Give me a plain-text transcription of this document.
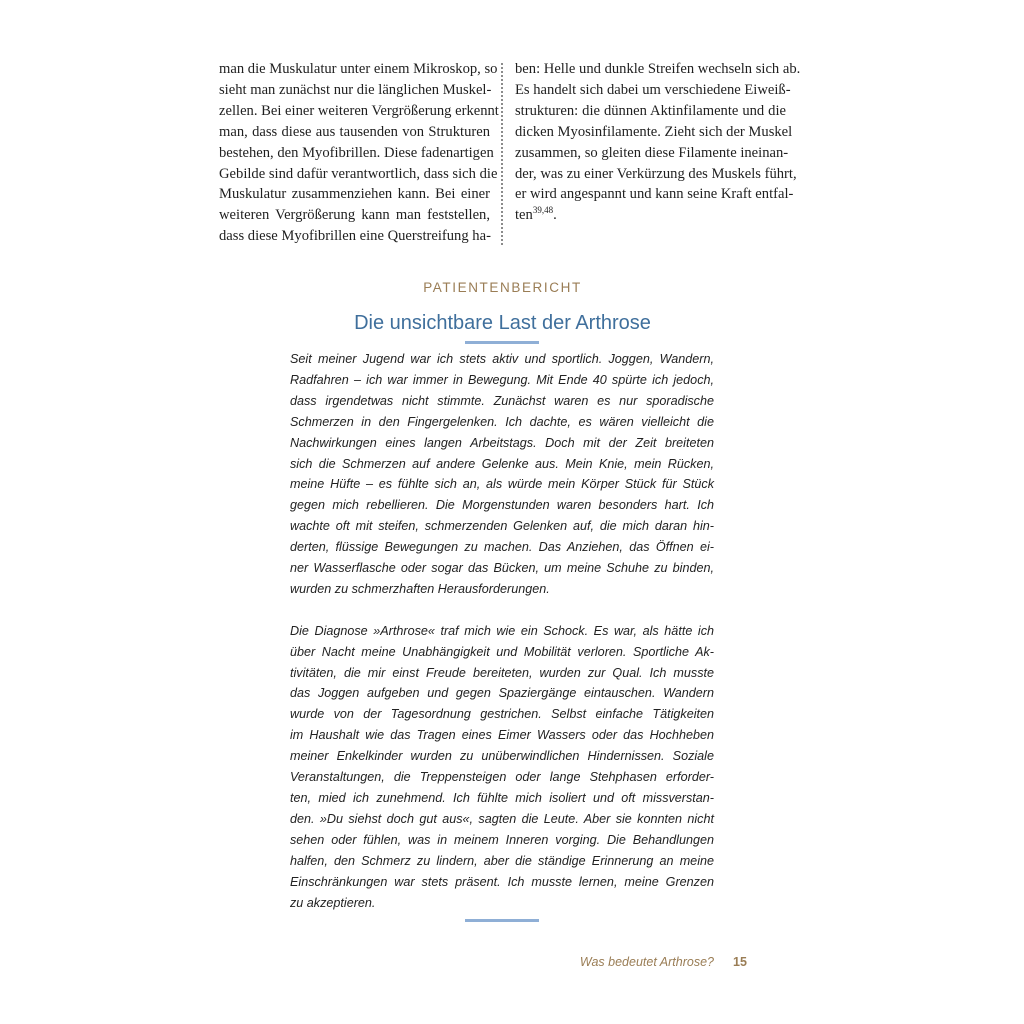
man die Muskulatur unter einem Mikroskop, so
sieht man zunächst nur die länglichen Muskel-
zellen. Bei einer weiteren Vergrößerung erkennt
man, dass diese aus tausenden von Strukturen
bestehen, den Myofibrillen. Diese fadenartigen
Gebilde sind dafür verantwortlich, dass sich die
Muskulatur zusammenziehen kann. Bei einer
weiteren Vergrößerung kann man feststellen,
dass diese Myofibrillen eine Querstreifung ha-
ben: Helle und dunkle Streifen wechseln sich ab.
Es handelt sich dabei um verschiedene Eiweiß-
strukturen: die dünnen Aktinfilamente und die
dicken Myosinfilamente. Zieht sich der Muskel
zusammen, so gleiten diese Filamente ineinan-
der, was zu einer Verkürzung des Muskels führt,
er wird angespannt und kann seine Kraft entfal-
ten$^{39,48}$.
PATIENTENBERICHT
Die unsichtbare Last der Arthrose
Seit meiner Jugend war ich stets aktiv und sportlich. Joggen, Wandern,
Radfahren – ich war immer in Bewegung. Mit Ende 40 spürte ich jedoch,
dass irgendetwas nicht stimmte. Zunächst waren es nur sporadische
Schmerzen in den Fingergelenken. Ich dachte, es wären vielleicht die
Nachwirkungen eines langen Arbeitstags. Doch mit der Zeit breiteten
sich die Schmerzen auf andere Gelenke aus. Mein Knie, mein Rücken,
meine Hüfte – es fühlte sich an, als würde mein Körper Stück für Stück
gegen mich rebellieren. Die Morgenstunden waren besonders hart. Ich
wachte oft mit steifen, schmerzenden Gelenken auf, die mich daran hin-
derten, flüssige Bewegungen zu machen. Das Anziehen, das Öffnen ei-
ner Wasserflasche oder sogar das Bücken, um meine Schuhe zu binden,
wurden zu schmerzhaften Herausforderungen.
Die Diagnose »Arthrose« traf mich wie ein Schock. Es war, als hätte ich
über Nacht meine Unabhängigkeit und Mobilität verloren. Sportliche Ak-
tivitäten, die mir einst Freude bereiteten, wurden zur Qual. Ich musste
das Joggen aufgeben und gegen Spaziergänge eintauschen. Wandern
wurde von der Tagesordnung gestrichen. Selbst einfache Tätigkeiten
im Haushalt wie das Tragen eines Eimer Wassers oder das Hochheben
meiner Enkelkinder wurden zu unüberwindlichen Hindernissen. Soziale
Veranstaltungen, die Treppensteigen oder lange Stehphasen erforder-
ten, mied ich zunehmend. Ich fühlte mich isoliert und oft missverstan-
den. »Du siehst doch gut aus«, sagten die Leute. Aber sie konnten nicht
sehen oder fühlen, was in meinem Inneren vorging. Die Behandlungen
halfen, den Schmerz zu lindern, aber die ständige Erinnerung an meine
Einschränkungen war stets präsent. Ich musste lernen, meine Grenzen
zu akzeptieren.
Was bedeutet Arthrose? 15
